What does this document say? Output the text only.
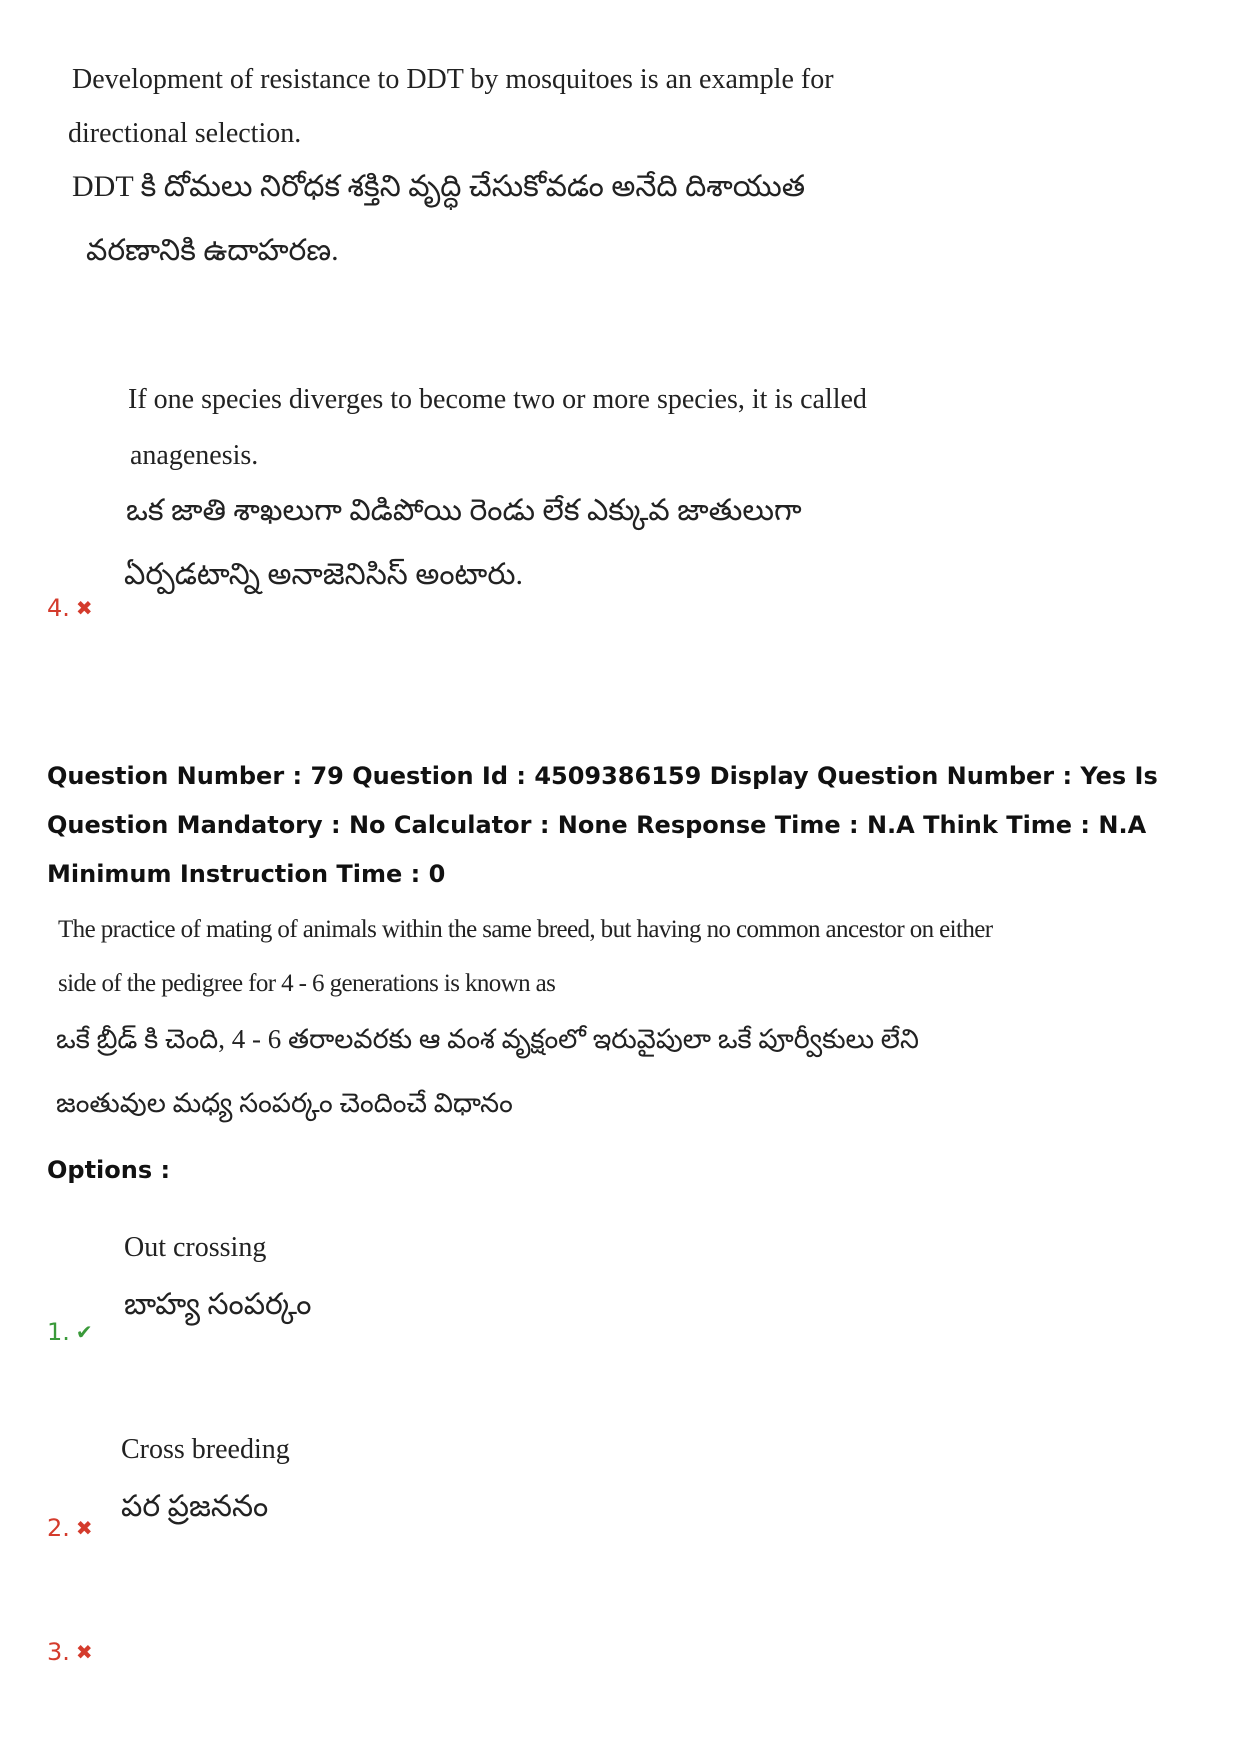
Development of resistance to DDT by mosquitoes is an example for
directional selection.
DDT కి దోమలు నిరోధక శక్తిని వృద్ధి చేసుకోవడం అనేది దిశాయుత
వరణానికి ఉదాహరణ.
If one species diverges to become two or more species, it is called
anagenesis.
ఒక జాతి శాఖలుగా విడిపోయి రెండు లేక ఎక్కువ జాతులుగా
ఏర్పడటాన్ని అనాజెనిసిస్ అంటారు.
4. ✖
Question Number : 79 Question Id : 4509386159 Display Question Number : Yes Is Question Mandatory : No Calculator : None Response Time : N.A Think Time : N.A Minimum Instruction Time : 0
The practice of mating of animals within the same breed, but having no common ancestor on either
side of the pedigree for 4 - 6 generations is known as
ఒకే బ్రీడ్ కి చెంది, 4 - 6 తరాలవరకు ఆ వంశ వృక్షంలో ఇరువైపులా ఒకే పూర్వీకులు లేని
జంతువుల మధ్య సంపర్కం చెందించే విధానం
Options :
Out crossing
బాహ్య సంపర్కం
1. ✔
Cross breeding
పర ప్రజననం
2. ✖
3. ✖
